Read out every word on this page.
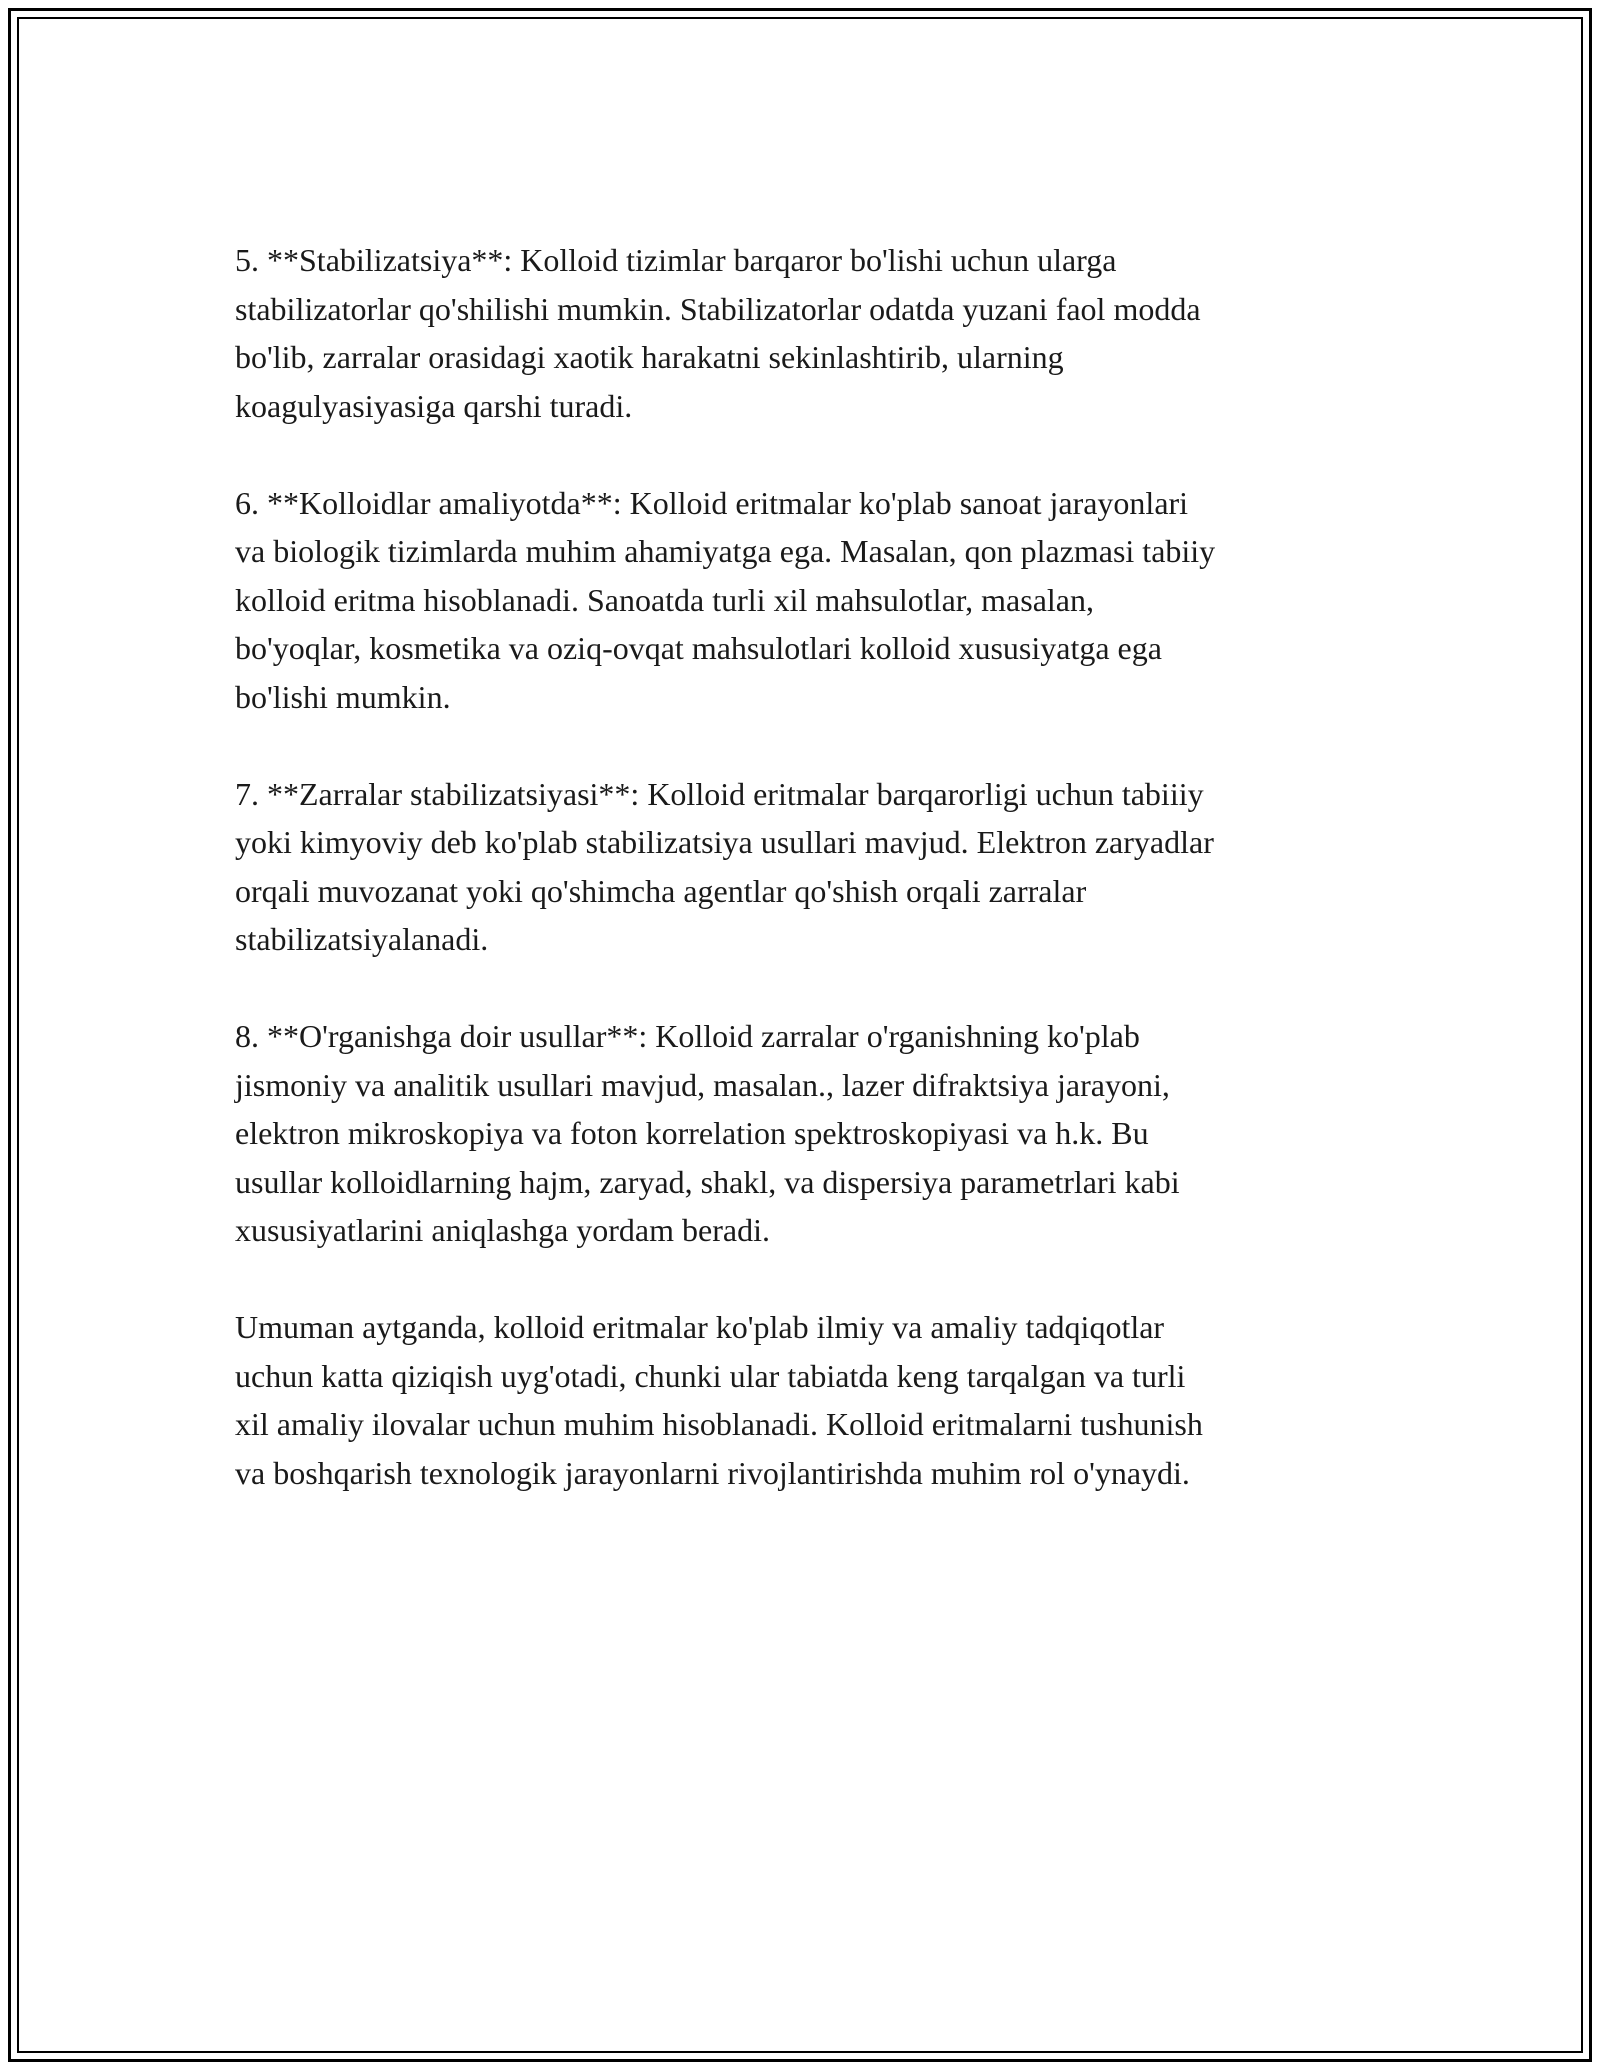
5. **Stabilizatsiya**: Kolloid tizimlar barqaror bo'lishi uchun ularga
stabilizatorlar qo'shilishi mumkin. Stabilizatorlar odatda yuzani faol modda
bo'lib, zarralar orasidagi xaotik harakatni sekinlashtirib, ularning
koagulyasiyasiga qarshi turadi.

6. **Kolloidlar amaliyotda**: Kolloid eritmalar ko'plab sanoat jarayonlari
va biologik tizimlarda muhim ahamiyatga ega. Masalan, qon plazmasi tabiiy
kolloid eritma hisoblanadi. Sanoatda turli xil mahsulotlar, masalan,
bo'yoqlar, kosmetika va oziq-ovqat mahsulotlari kolloid xususiyatga ega
bo'lishi mumkin.

7. **Zarralar stabilizatsiyasi**: Kolloid eritmalar barqarorligi uchun tabiiiy
yoki kimyoviy deb ko'plab stabilizatsiya usullari mavjud. Elektron zaryadlar
orqali muvozanat yoki qo'shimcha agentlar qo'shish orqali zarralar
stabilizatsiyalanadi.

8. **O'rganishga doir usullar**: Kolloid zarralar o'rganishning ko'plab
jismoniy va analitik usullari mavjud, masalan., lazer difraktsiya jarayoni,
elektron mikroskopiya va foton korrelation spektroskopiyasi va h.k. Bu
usullar kolloidlarning hajm, zaryad, shakl, va dispersiya parametrlari kabi
xususiyatlarini aniqlashga yordam beradi.

Umuman aytganda, kolloid eritmalar ko'plab ilmiy va amaliy tadqiqotlar
uchun katta qiziqish uyg'otadi, chunki ular tabiatda keng tarqalgan va turli
xil amaliy ilovalar uchun muhim hisoblanadi. Kolloid eritmalarni tushunish
va boshqarish texnologik jarayonlarni rivojlantirishda muhim rol o'ynaydi.
